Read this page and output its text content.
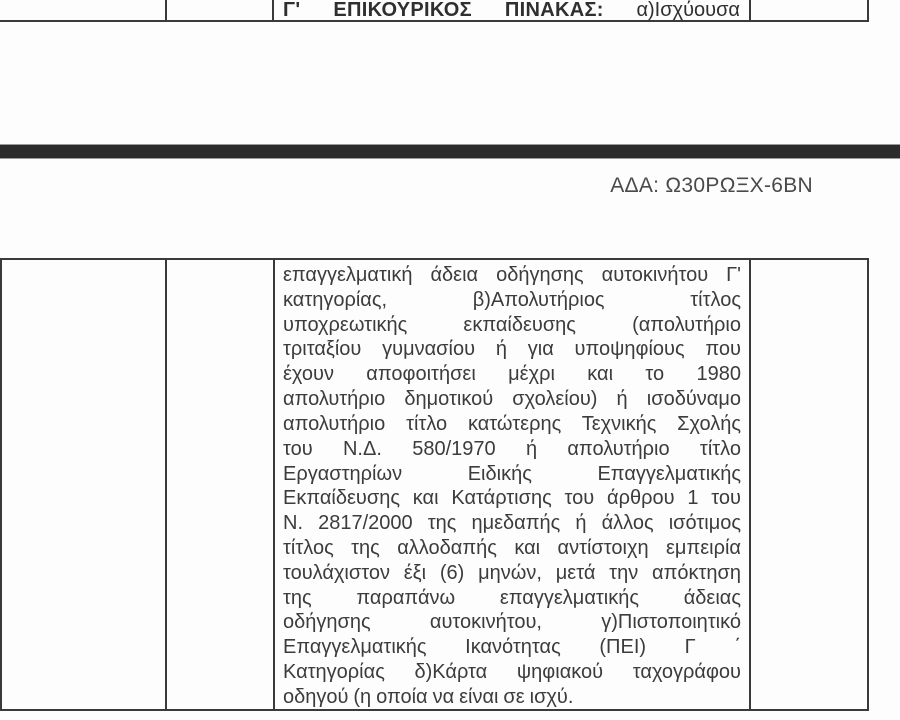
Γ' ΕΠΙΚΟΥΡΙΚΟΣ ΠΙΝΑΚΑΣ: α)Ισχύουσα
ΑΔΑ: Ω30ΡΩΞΧ-6ΒΝ
επαγγελματική άδεια οδήγησης αυτοκινήτου Γ'
κατηγορίας, β)Απολυτήριος τίτλος
υποχρεωτικής εκπαίδευσης (απολυτήριο
τριταξίου γυμνασίου ή για υποψηφίους που
έχουν αποφοιτήσει μέχρι και το 1980
απολυτήριο δημοτικού σχολείου) ή ισοδύναμο
απολυτήριο τίτλο κατώτερης Τεχνικής Σχολής
του Ν.Δ. 580/1970 ή απολυτήριο τίτλο
Εργαστηρίων Ειδικής Επαγγελματικής
Εκπαίδευσης και Κατάρτισης του άρθρου 1 του
Ν. 2817/2000 της ημεδαπής ή άλλος ισότιμος
τίτλος της αλλοδαπής και αντίστοιχη εμπειρία
τουλάχιστον έξι (6) μηνών, μετά την απόκτηση
της παραπάνω επαγγελματικής άδειας
οδήγησης αυτοκινήτου, γ)Πιστοποιητικό
Επαγγελματικής Ικανότητας (ΠΕΙ) Γ ΄
Κατηγορίας δ)Κάρτα ψηφιακού ταχογράφου
οδηγού (η οποία να είναι σε ισχύ.
